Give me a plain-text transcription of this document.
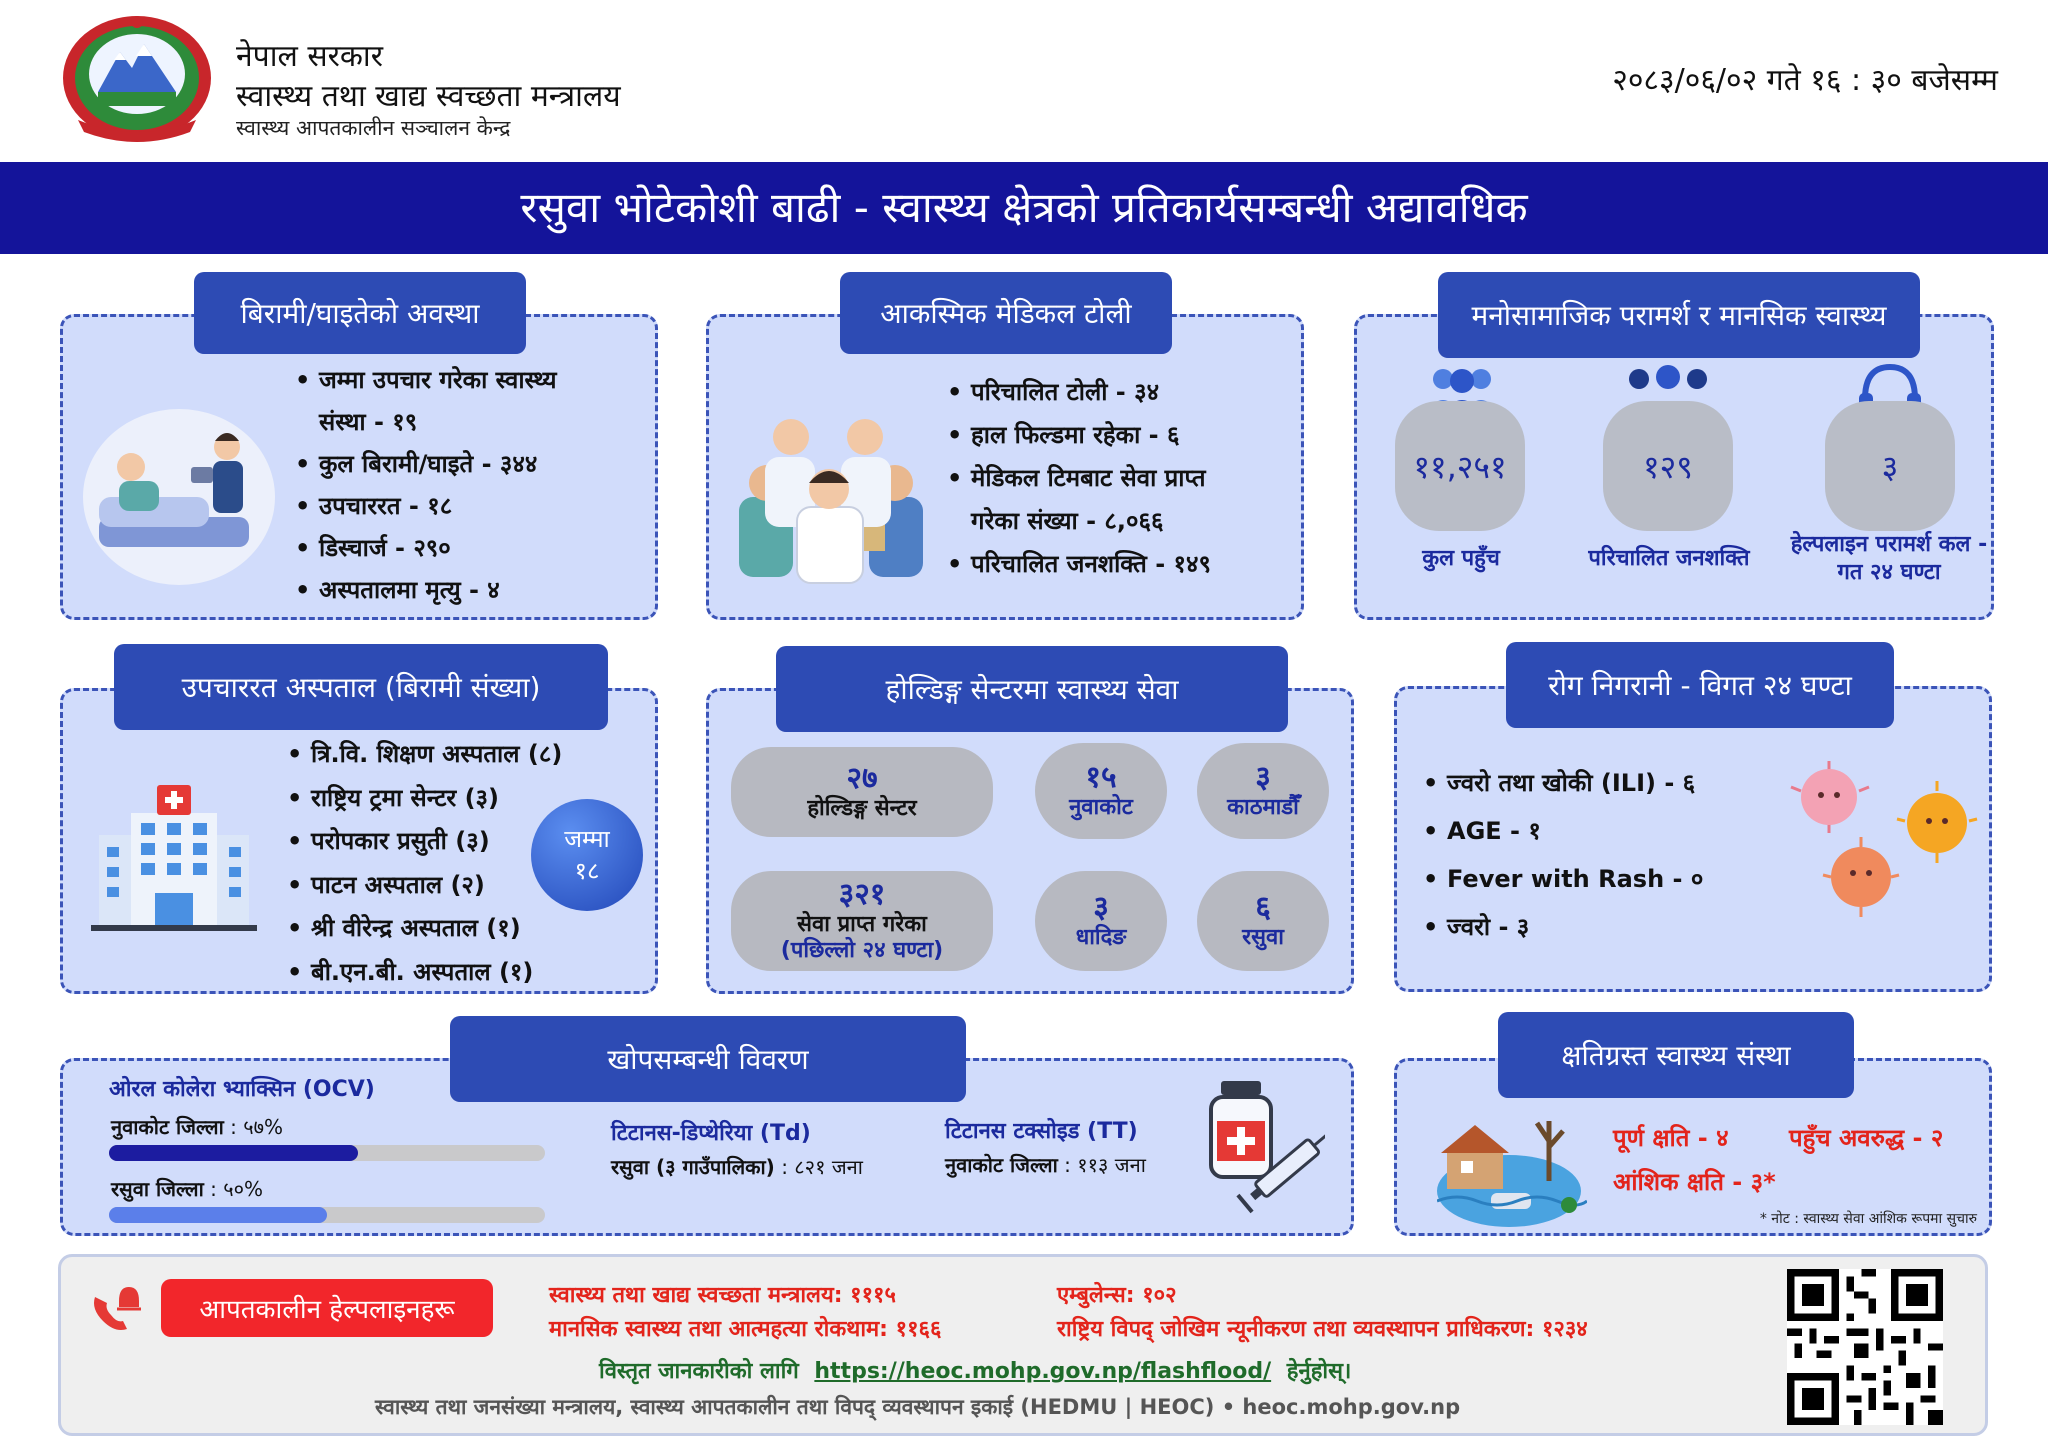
नेपाल सरकार
स्वास्थ्य तथा खाद्य स्वच्छता मन्त्रालय
स्वास्थ्य आपतकालीन सञ्चालन केन्द्र
२०८३/०६/०२ गते १६ : ३० बजेसम्म
रसुवा भोटेकोशी बाढी - स्वास्थ्य क्षेत्रको प्रतिकार्यसम्बन्धी अद्यावधिक
• जम्मा उपचार गरेका स्वास्थ्य
संस्था - १९
• कुल बिरामी/घाइते - ३४४
• उपचाररत - १८
• डिस्चार्ज - २९०
• अस्पतालमा मृत्यु - ४
बिरामी/घाइतेको अवस्था
• परिचालित टोली - ३४
• हाल फिल्डमा रहेका - ६
• मेडिकल टिमबाट सेवा प्राप्त
गरेका संख्या - ८,०६६
• परिचालित जनशक्ति - १४९
आकस्मिक मेडिकल टोली
११,२५१	१२९	३
कुल पहुँच	परिचालित जनशक्ति
हेल्पलाइन परामर्श कल - गत २४ घण्टा
मनोसामाजिक परामर्श र मानसिक स्वास्थ्य
• त्रि.वि. शिक्षण अस्पताल (८)
• राष्ट्रिय ट्रमा सेन्टर (३)
• परोपकार प्रसुती (३)
• पाटन अस्पताल (२)
• श्री वीरेन्द्र अस्पताल (१)
• बी.एन.बी. अस्पताल (१)
जम्मा
१८
उपचाररत अस्पताल (बिरामी संख्या)
२७
होल्डिङ्ग सेन्टर
१५
नुवाकोट
३
काठमाडौँ
३२१
सेवा प्राप्त गरेका
(पछिल्लो २४ घण्टा)
३
धादिङ
६
रसुवा
होल्डिङ्ग सेन्टरमा स्वास्थ्य सेवा
• ज्वरो तथा खोकी (ILI) - ६
• AGE - १
• Fever with Rash - ०
• ज्वरो - ३
रोग निगरानी - विगत २४ घण्टा
ओरल कोलेरा भ्याक्सिन (OCV)
नुवाकोट जिल्ला : ५७%
रसुवा जिल्ला : ५०%
टिटानस-डिप्थेरिया (Td)
रसुवा (३ गाउँपालिका) : ८२१ जना
टिटानस टक्साेइड (TT)
नुवाकोट जिल्ला : ११३ जना
खोपसम्बन्धी विवरण
पूर्ण क्षति - ४	पहुँच अवरुद्ध - २
आंशिक क्षति - ३*
* नोट : स्वास्थ्य सेवा आंशिक रूपमा सुचारु
क्षतिग्रस्त स्वास्थ्य संस्था
आपतकालीन हेल्पलाइनहरू	स्वास्थ्य तथा खाद्य स्वच्छता मन्त्रालय: १११५	एम्बुलेन्स: १०२
मानसिक स्वास्थ्य तथा आत्महत्या रोकथाम: ११६६	राष्ट्रिय विपद् जोखिम न्यूनीकरण तथा व्यवस्थापन प्राधिकरण: १२३४
विस्तृत जानकारीको लागि https://heoc.mohp.gov.np/flashflood/ हेर्नुहोस्।
स्वास्थ्य तथा जनसंख्या मन्त्रालय, स्वास्थ्य आपतकालीन तथा विपद् व्यवस्थापन इकाई (HEDMU | HEOC) • heoc.mohp.gov.np
